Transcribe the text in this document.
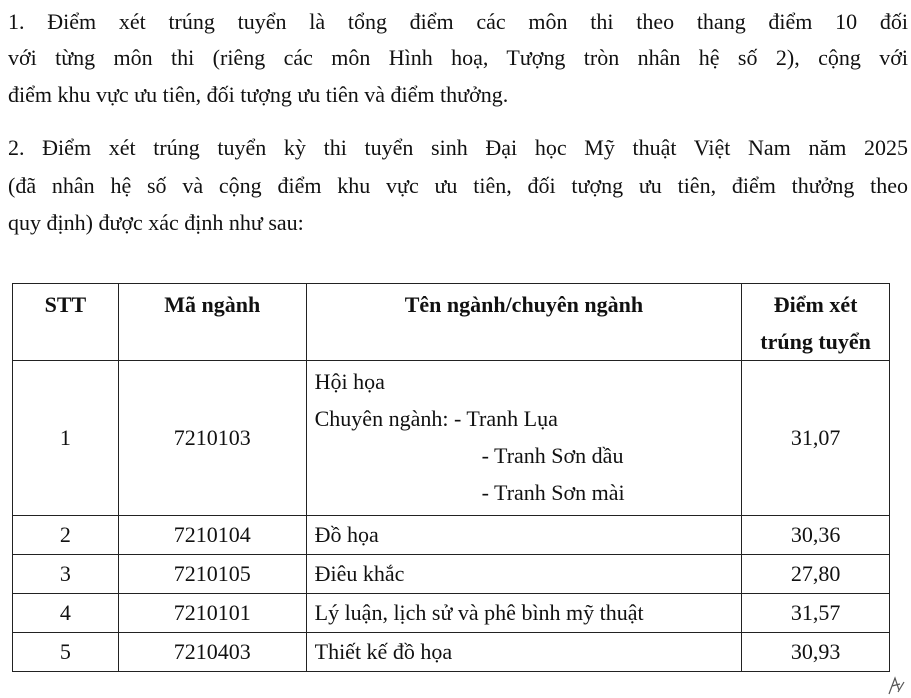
1. Điểm xét trúng tuyển là tổng điểm các môn thi theo thang điểm 10 đối
với từng môn thi (riêng các môn Hình hoạ, Tượng tròn nhân hệ số 2), cộng với
điểm khu vực ưu tiên, đối tượng ưu tiên và điểm thưởng.
2. Điểm xét trúng tuyển kỳ thi tuyển sinh Đại học Mỹ thuật Việt Nam năm 2025
(đã nhân hệ số và cộng điểm khu vực ưu tiên, đối tượng ưu tiên, điểm thưởng theo
quy định) được xác định như sau:
STT	Mã ngành	Tên ngành/chuyên ngành	Điểm xét
trúng tuyển
1	7210103	Hội họa
Chuyên ngành: - Tranh Lụa
- Tranh Sơn dầu
- Tranh Sơn mài	31,07
2	7210104	Đồ họa	30,36
3	7210105	Điêu khắc	27,80
4	7210101	Lý luận, lịch sử và phê bình mỹ thuật	31,57
5	7210403	Thiết kế đồ họa	30,93
